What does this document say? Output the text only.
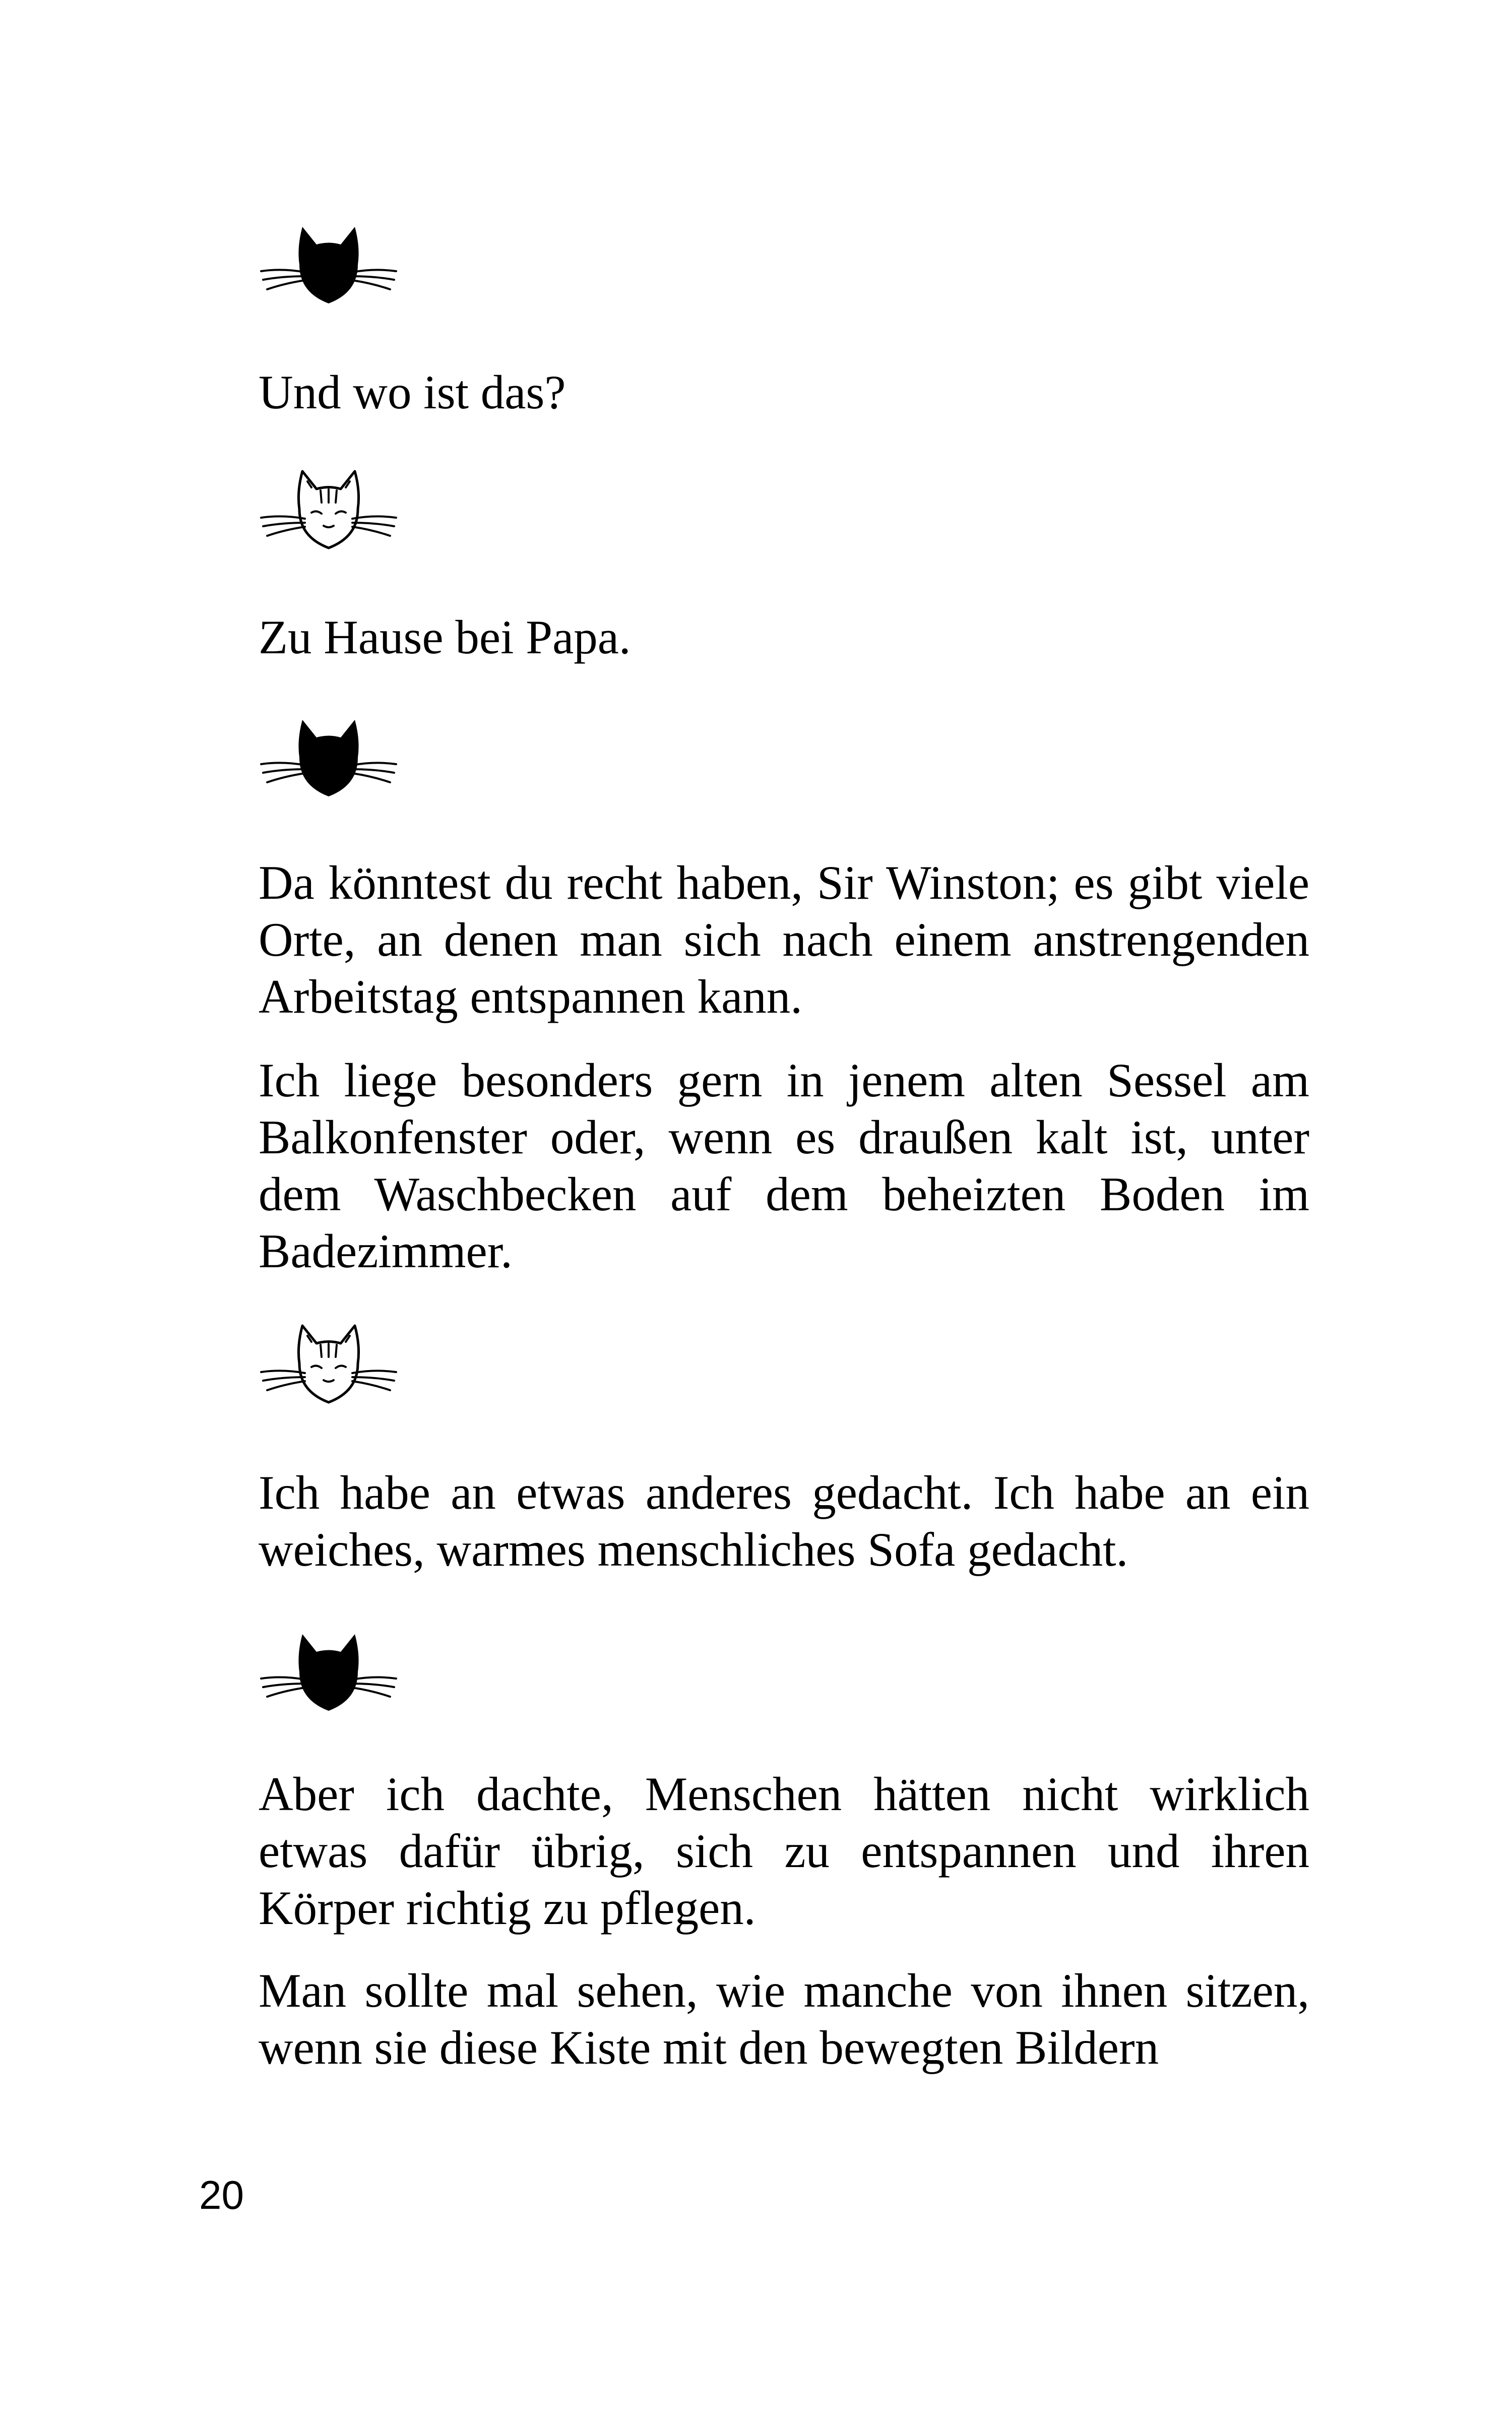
Und wo ist das?

Zu Hause bei Papa.

Da könntest du recht haben, Sir Winston; es gibt viele Orte, an denen man sich nach einem anstrengenden Arbeitstag entspannen kann.

Ich liege besonders gern in jenem alten Sessel am Balkonfenster oder, wenn es draußen kalt ist, unter dem Waschbecken auf dem beheizten Boden im Badezimmer.

Ich habe an etwas anderes gedacht. Ich habe an ein weiches, warmes menschliches Sofa gedacht.

Aber ich dachte, Menschen hätten nicht wirklich etwas dafür übrig, sich zu entspannen und ihren Körper richtig zu pflegen.

Man sollte mal sehen, wie manche von ihnen sitzen, wenn sie diese Kiste mit den bewegten Bildern

20
